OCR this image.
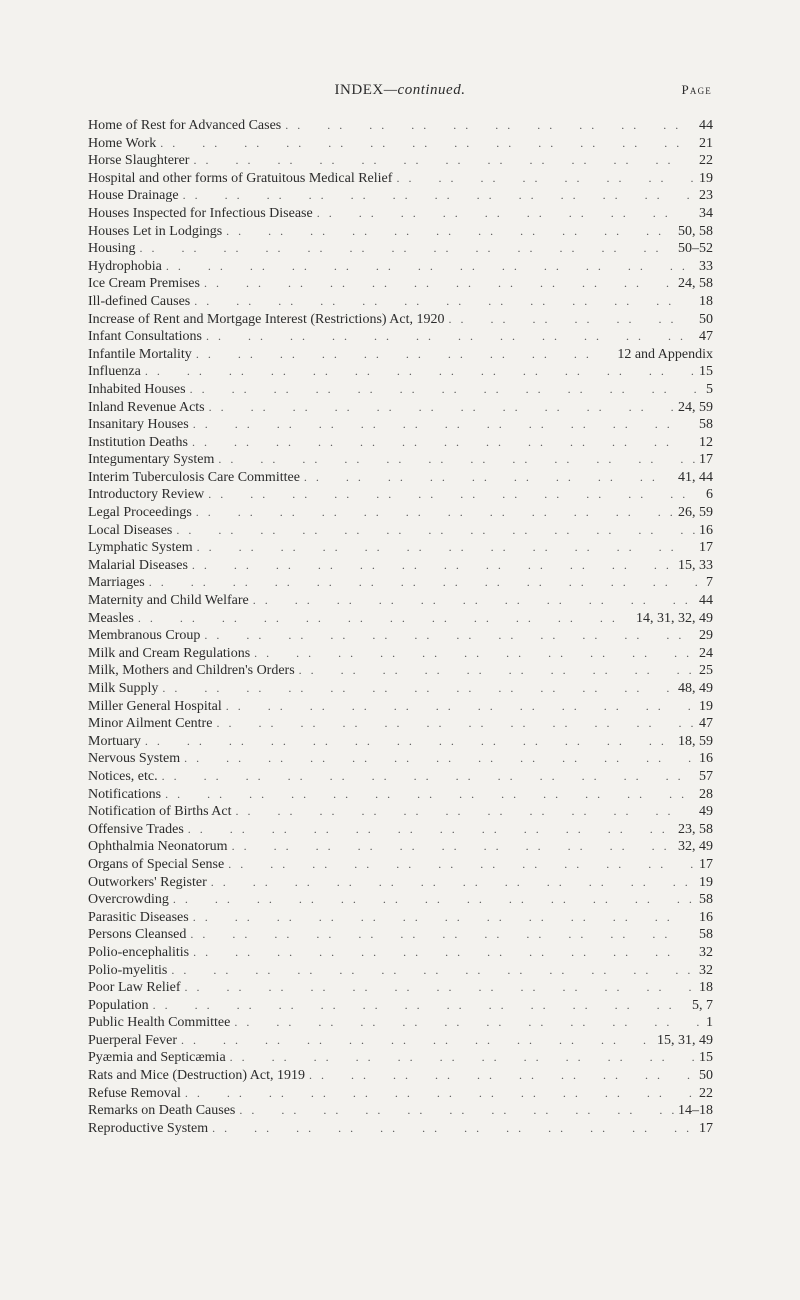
INDEX—continued.	Page
Home of Rest for Advanced Cases . .	44
Home Work . .	21
Horse Slaughterer . .	22
Hospital and other forms of Gratuitous Medical Relief . .	19
House Drainage . .	23
Houses Inspected for Infectious Disease . .	34
Houses Let in Lodgings . .	50, 58
Housing . .	50–52
Hydrophobia . .	33
Ice Cream Premises . .	24, 58
Ill-defined Causes . .	18
Increase of Rent and Mortgage Interest (Restrictions) Act, 1920 . .	50
Infant Consultations . .	47
Infantile Mortality . .	12 and Appendix
Influenza . .	15
Inhabited Houses . .	5
Inland Revenue Acts . .	24, 59
Insanitary Houses . .	58
Institution Deaths . .	12
Integumentary System . .	17
Interim Tuberculosis Care Committee . .	41, 44
Introductory Review . .	6
Legal Proceedings . .	26, 59
Local Diseases . .	16
Lymphatic System . .	17
Malarial Diseases . .	15, 33
Marriages . .	7
Maternity and Child Welfare . .	44
Measles . .	14, 31, 32, 49
Membranous Croup . .	29
Milk and Cream Regulations . .	24
Milk, Mothers and Children's Orders . .	25
Milk Supply . .	48, 49
Miller General Hospital . .	19
Minor Ailment Centre . .	47
Mortuary . .	18, 59
Nervous System . .	16
Notices, etc. . .	57
Notifications . .	28
Notification of Births Act . .	49
Offensive Trades . .	23, 58
Ophthalmia Neonatorum . .	32, 49
Organs of Special Sense . .	17
Outworkers' Register . .	19
Overcrowding . .	58
Parasitic Diseases . .	16
Persons Cleansed . .	58
Polio-encephalitis . .	32
Polio-myelitis . .	32
Poor Law Relief . .	18
Population . .	5, 7
Public Health Committee . .	1
Puerperal Fever . .	15, 31, 49
Pyæmia and Septicæmia . .	15
Rats and Mice (Destruction) Act, 1919 . .	50
Refuse Removal . .	22
Remarks on Death Causes . .	14–18
Reproductive System . .	17
